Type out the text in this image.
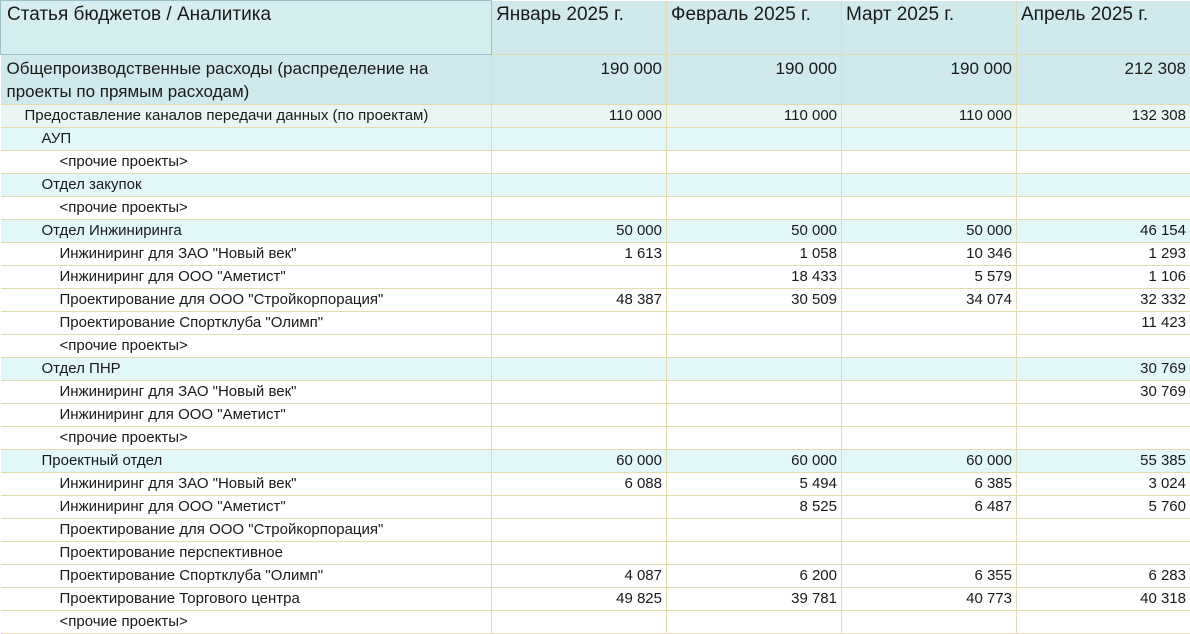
Статья бюджетов / Аналитика	Январь 2025 г.	Февраль 2025 г.	Март 2025 г.	Апрель 2025 г.
Общепроизводственные расходы (распределение на проекты по прямым расходам)	190 000	190 000	190 000	212 308
Предоставление каналов передачи данных (по проектам)	110 000	110 000	110 000	132 308
АУП				
<прочие проекты>				
Отдел закупок				
<прочие проекты>				
Отдел Инжиниринга	50 000	50 000	50 000	46 154
Инжиниринг для ЗАО "Новый век"	1 613	1 058	10 346	1 293
Инжиниринг для ООО "Аметист"		18 433	5 579	1 106
Проектирование для ООО "Стройкорпорация"	48 387	30 509	34 074	32 332
Проектирование Спортклуба "Олимп"				11 423
<прочие проекты>				
Отдел ПНР				30 769
Инжиниринг для ЗАО "Новый век"				30 769
Инжиниринг для ООО "Аметист"				
<прочие проекты>				
Проектный отдел	60 000	60 000	60 000	55 385
Инжиниринг для ЗАО "Новый век"	6 088	5 494	6 385	3 024
Инжиниринг для ООО "Аметист"		8 525	6 487	5 760
Проектирование для ООО "Стройкорпорация"				
Проектирование перспективное				
Проектирование Спортклуба "Олимп"	4 087	6 200	6 355	6 283
Проектирование Торгового центра	49 825	39 781	40 773	40 318
<прочие проекты>				
